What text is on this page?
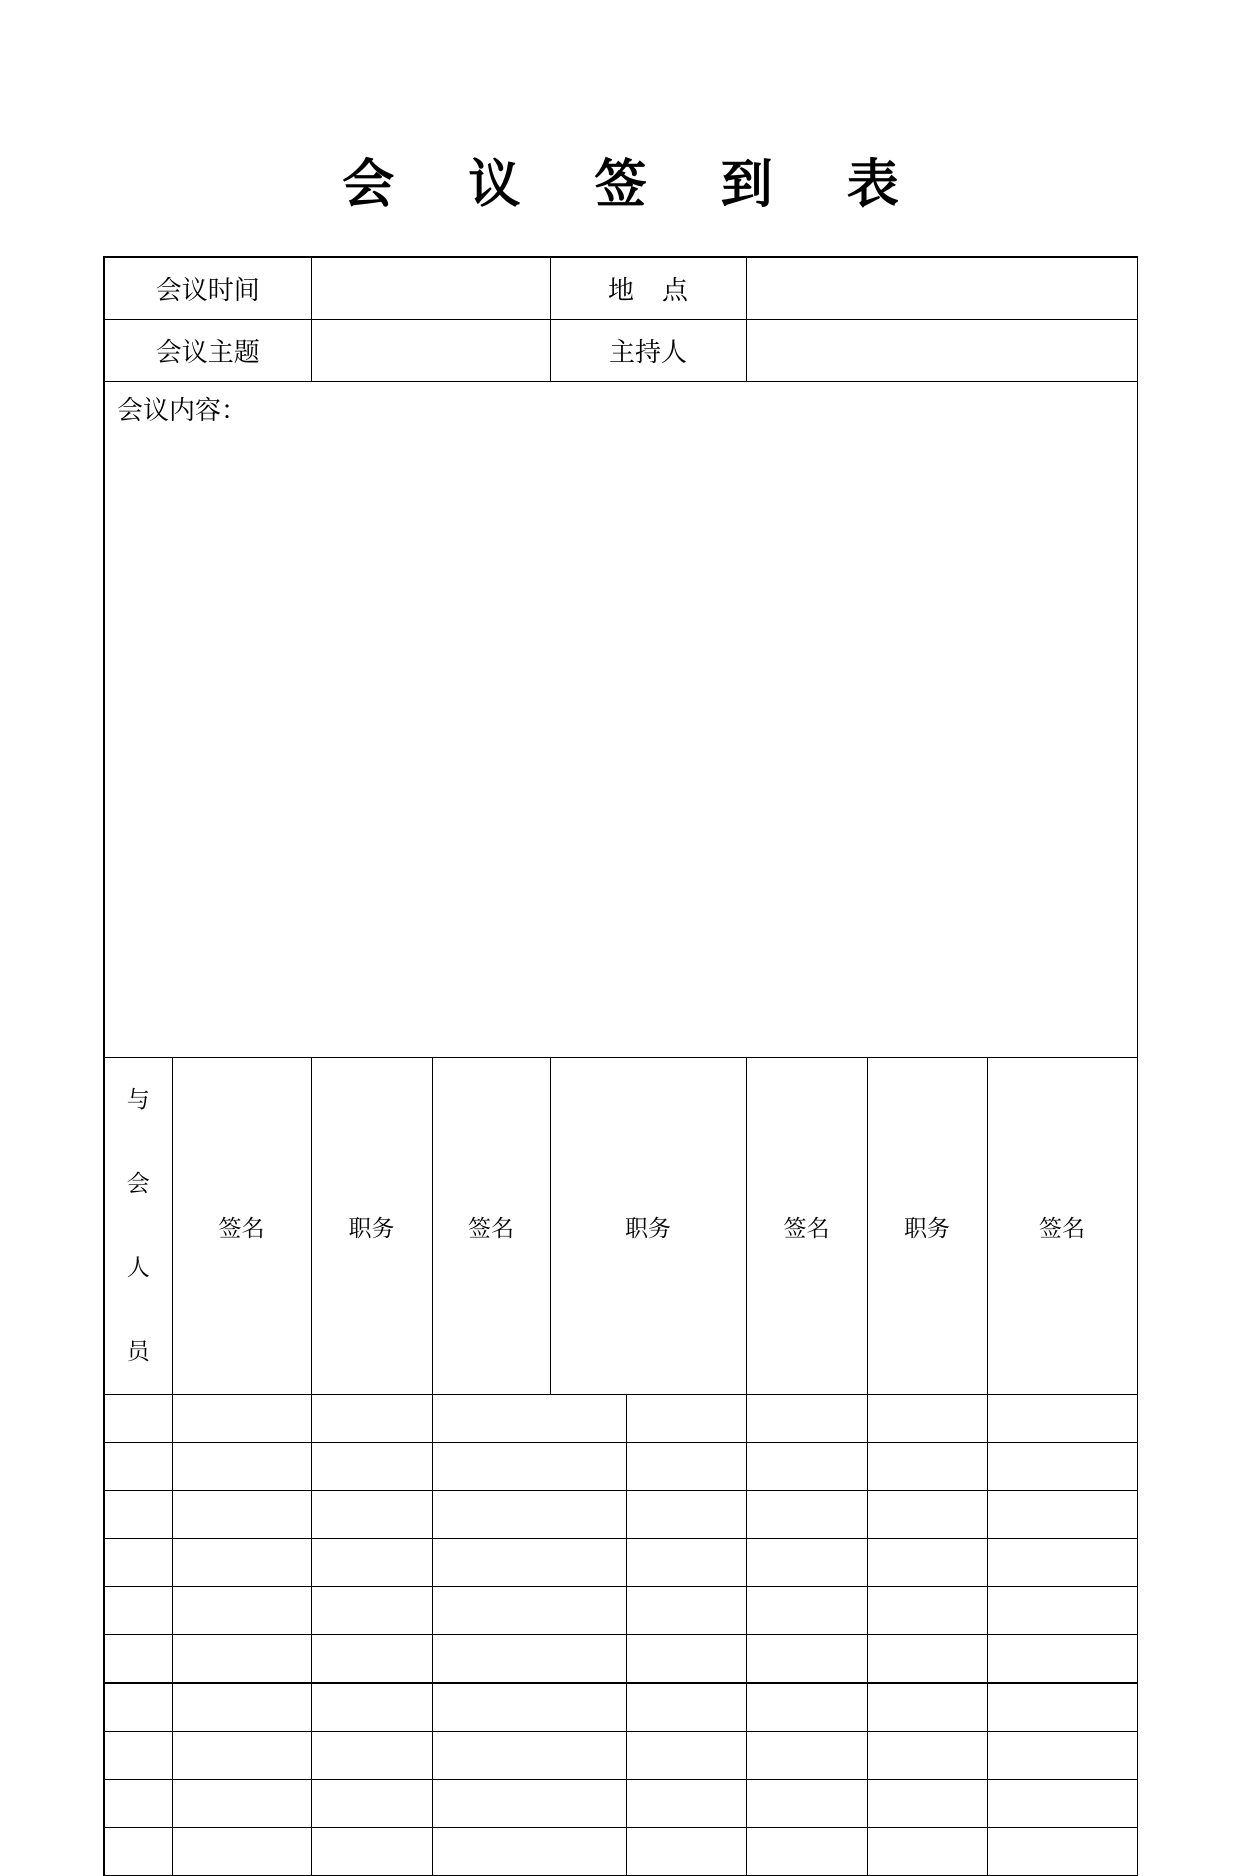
会 议 签 到 表
会议时间				地 点					
会议主题				主持人					
会议内容：									

与
会
人
员	签名	职务	签名	职务		签名	职务	签名	
